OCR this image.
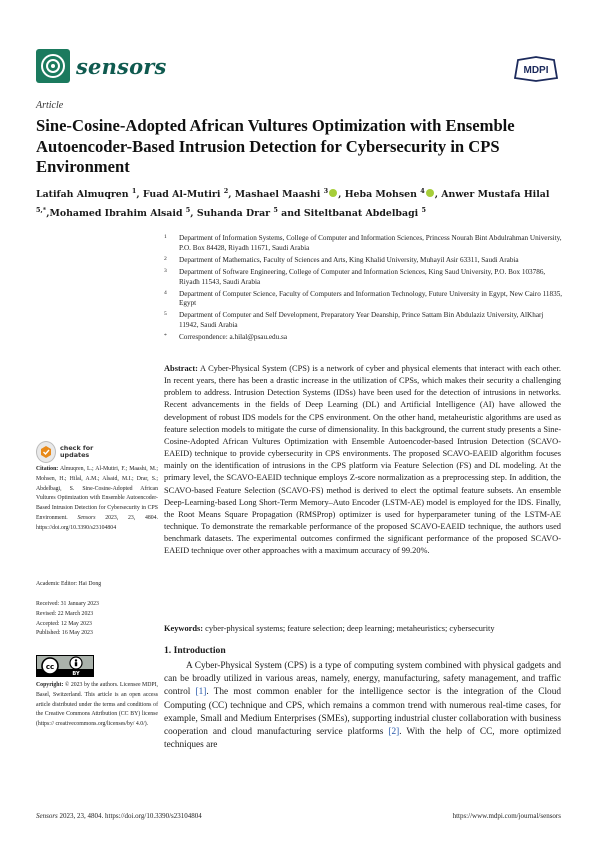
sensors	MDPI
Article
Sine-Cosine-Adopted African Vultures Optimization with Ensemble Autoencoder-Based Intrusion Detection for Cybersecurity in CPS Environment
Latifah Almuqren $^1$, Fuad Al-Mutiri $^2$, Mashael Maashi $^3$ , Heba Mohsen $^4$ , Anwer Mustafa Hilal $^{5,*}$,Mohamed Ibrahim Alsaid $^5$, Suhanda Drar $^5$ and Siteltbanat Abdelbagi $^5$
1 Department of Information Systems, College of Computer and Information Sciences, Princess Nourah Bint Abdulrahman University, P.O. Box 84428, Riyadh 11671, Saudi Arabia
2 Department of Mathematics, Faculty of Sciences and Arts, King Khalid University, Muhayil Asir 63311, Saudi Arabia
3 Department of Software Engineering, College of Computer and Information Sciences, King Saud University, P.O. Box 103786, Riyadh 11543, Saudi Arabia
4 Department of Computer Science, Faculty of Computers and Information Technology, Future University in Egypt, New Cairo 11835, Egypt
5 Department of Computer and Self Development, Preparatory Year Deanship, Prince Sattam Bin Abdulaziz University, AlKharj 11942, Saudi Arabia
* Correspondence: a.hilal@psau.edu.sa
Abstract: A Cyber-Physical System (CPS) is a network of cyber and physical elements that interact with each other. In recent years, there has been a drastic increase in the utilization of CPSs, which makes their security a challenging problem to address. Intrusion Detection Systems (IDSs) have been used for the detection of intrusions in networks. Recent advancements in the fields of Deep Learning (DL) and Artificial Intelligence (AI) have allowed the development of robust IDS models for the CPS environment. On the other hand, metaheuristic algorithms are used as feature selection models to mitigate the curse of dimensionality. In this background, the current study presents a Sine-Cosine-Adopted African Vultures Optimization with Ensemble Autoencoder-based Intrusion Detection (SCAVO-EAEID) technique to provide cybersecurity in CPS environments. The proposed SCAVO-EAEID algorithm focuses mainly on the identification of intrusions in the CPS platform via Feature Selection (FS) and DL modeling. At the primary level, the SCAVO-EAEID technique employs Z-score normalization as a preprocessing step. In addition, the SCAVO-based Feature Selection (SCAVO-FS) method is derived to elect the optimal feature subsets. An ensemble Deep-Learning-based Long Short-Term Memory–Auto Encoder (LSTM-AE) model is employed for the IDS. Finally, the Root Means Square Propagation (RMSProp) optimizer is used for hyperparameter tuning of the LSTM-AE technique. To demonstrate the remarkable performance of the proposed SCAVO-EAEID technique, the authors used benchmark datasets. The experimental outcomes confirmed the significant performance of the proposed SCAVO-EAEID technique over other approaches with a maximum accuracy of 99.20%.
Keywords: cyber-physical systems; feature selection; deep learning; metaheuristics; cybersecurity
check for
updates
Citation: Almuqren, L.; Al-Mutiri, F.; Maashi, M.; Mohsen, H.; Hilal, A.M.; Alsaid, M.I.; Drar, S.; Abdelbagi, S. Sine-Cosine-Adopted African Vultures Optimization with Ensemble Autoencoder-Based Intrusion Detection for Cybersecurity in CPS Environment. Sensors 2023, 23, 4804. https://doi.org/10.3390/s23104804
Academic Editor: Hai Dong
Received: 31 January 2023
Revised: 22 March 2023
Accepted: 12 May 2023
Published: 16 May 2023
cc
BY
Copyright: © 2023 by the authors. Licensee MDPI, Basel, Switzerland. This article is an open access article distributed under the terms and conditions of the Creative Commons Attribution (CC BY) license (https:// creativecommons.org/licenses/by/ 4.0/).
1. Introduction
A Cyber-Physical System (CPS) is a type of computing system combined with physical gadgets and can be broadly utilized in various areas, namely, energy, manufacturing, safety management, and traffic control [1]. The most common enabler for the intelligence sector is the integration of the Cloud Computing (CC) technique and CPS, which remains a common trend with numerous real-time cases, for example, Small and Medium Enterprises (SMEs), supporting industrial cluster collaboration with business cooperation and cloud manufacturing service platforms [2]. With the help of CC, more optimized techniques are
Sensors 2023, 23, 4804. https://doi.org/10.3390/s23104804	https://www.mdpi.com/journal/sensors
